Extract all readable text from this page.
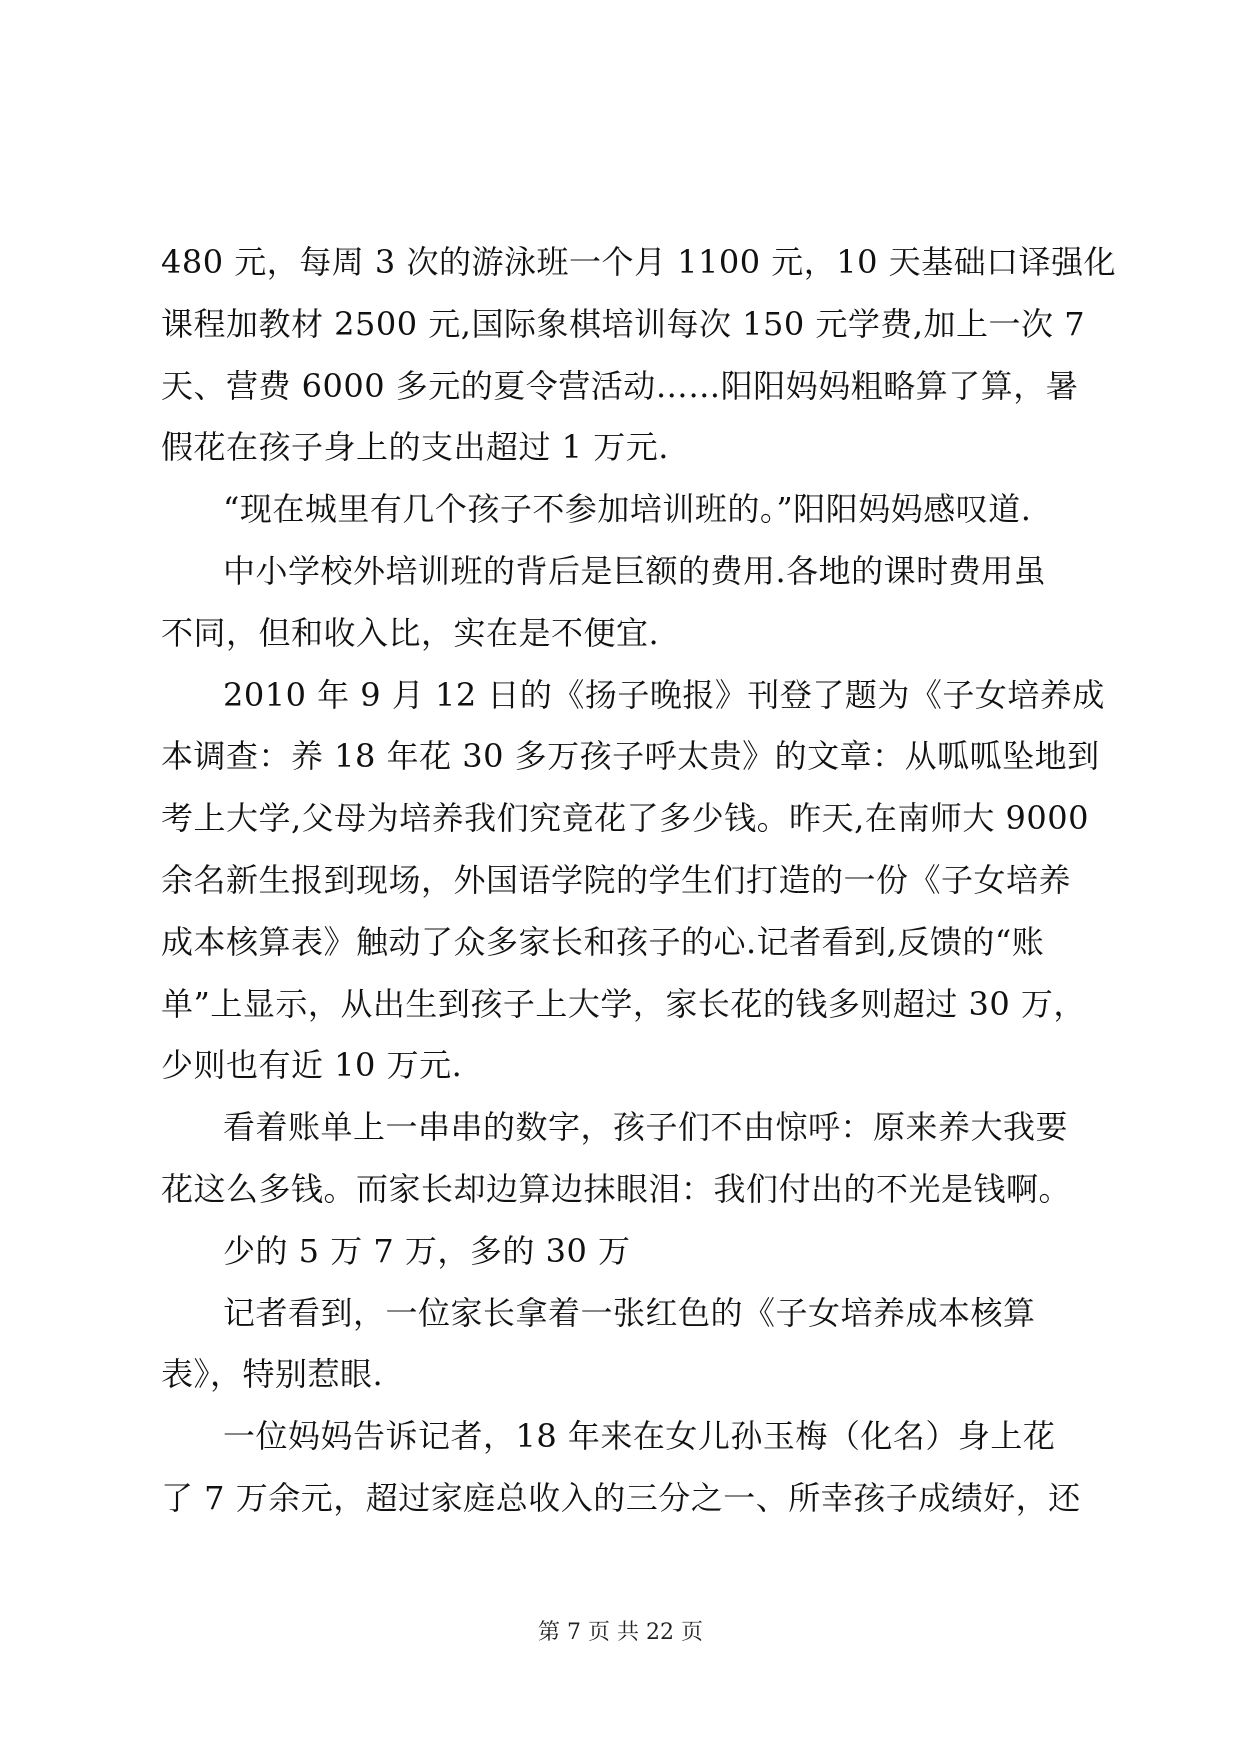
480 元，每周 3 次的游泳班一个月 1100 元，10 天基础口译强化
课程加教材 2500 元,国际象棋培训每次 150 元学费,加上一次 7
天、营费 6000 多元的夏令营活动……阳阳妈妈粗略算了算，暑
假花在孩子身上的支出超过 1 万元.
“现在城里有几个孩子不参加培训班的。”阳阳妈妈感叹道.
中小学校外培训班的背后是巨额的费用.各地的课时费用虽
不同，但和收入比，实在是不便宜.
2010 年 9 月 12 日的《扬子晚报》刊登了题为《子女培养成
本调查：养 18 年花 30 多万孩子呼太贵》的文章：从呱呱坠地到
考上大学,父母为培养我们究竟花了多少钱。昨天,在南师大 9000
余名新生报到现场，外国语学院的学生们打造的一份《子女培养
成本核算表》触动了众多家长和孩子的心.记者看到,反馈的“账
单”上显示，从出生到孩子上大学，家长花的钱多则超过 30 万，
少则也有近 10 万元.
看着账单上一串串的数字，孩子们不由惊呼：原来养大我要
花这么多钱。而家长却边算边抹眼泪：我们付出的不光是钱啊。
少的 5 万 7 万，多的 30 万
记者看到，一位家长拿着一张红色的《子女培养成本核算
表》，特别惹眼.
一位妈妈告诉记者，18 年来在女儿孙玉梅（化名）身上花
了 7 万余元，超过家庭总收入的三分之一、所幸孩子成绩好，还
第 7 页 共 22 页
